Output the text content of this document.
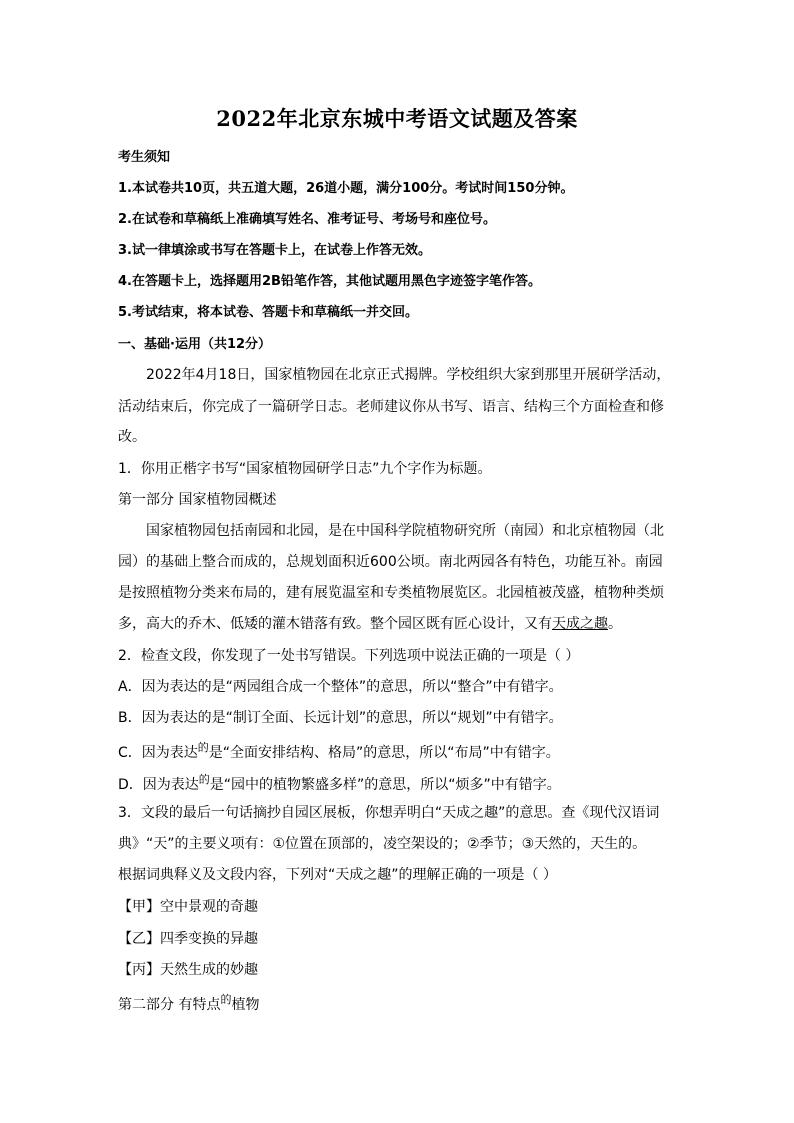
2022年北京东城中考语文试题及答案
考生须知
1.本试卷共10页，共五道大题，26道小题，满分100分。考试时间150分钟。
2.在试卷和草稿纸上准确填写姓名、准考证号、考场号和座位号。
3.试一律填涂或书写在答题卡上，在试卷上作答无效。
4.在答题卡上，选择题用2B铅笔作答，其他试题用黑色字迹签字笔作答。
5.考试结束，将本试卷、答题卡和草稿纸一并交回。
一、基础·运用（共12分）
2022年4月18日，国家植物园在北京正式揭牌。学校组织大家到那里开展研学活动，
活动结束后，你完成了一篇研学日志。老师建议你从书写、语言、结构三个方面检查和修
改。
1．你用正楷字书写“国家植物园研学日志”九个字作为标题。
第一部分 国家植物园概述
国家植物园包括南园和北园，是在中国科学院植物研究所（南园）和北京植物园（北
园）的基础上整合而成的，总规划面积近600公顷。南北两园各有特色，功能互补。南园
是按照植物分类来布局的，建有展览温室和专类植物展览区。北园植被茂盛，植物种类烦
多，高大的乔木、低矮的灌木错落有致。整个园区既有匠心设计，又有天成之趣。
2．检查文段，你发现了一处书写错误。下列选项中说法正确的一项是（ ）
A．因为表达的是“两园组合成一个整体”的意思，所以“整合”中有错字。
B．因为表达的是“制订全面、长远计划”的意思，所以“规划”中有错字。
C．因为表达$^的$是“全面安排结构、格局”的意思，所以“布局”中有错字。
D．因为表达$^的$是“园中的植物繁盛多样”的意思，所以“烦多”中有错字。
3．文段的最后一句话摘抄自园区展板，你想弄明白“天成之趣”的意思。查《现代汉语词
典》“天”的主要义项有：①位置在顶部的，凌空架设的；②季节；③天然的，天生的。
根据词典释义及文段内容，下列对“天成之趣”的理解正确的一项是（ ）
【甲】空中景观的奇趣
【乙】四季变换的异趣
【丙】天然生成的妙趣
第二部分 有特点$^的$植物
